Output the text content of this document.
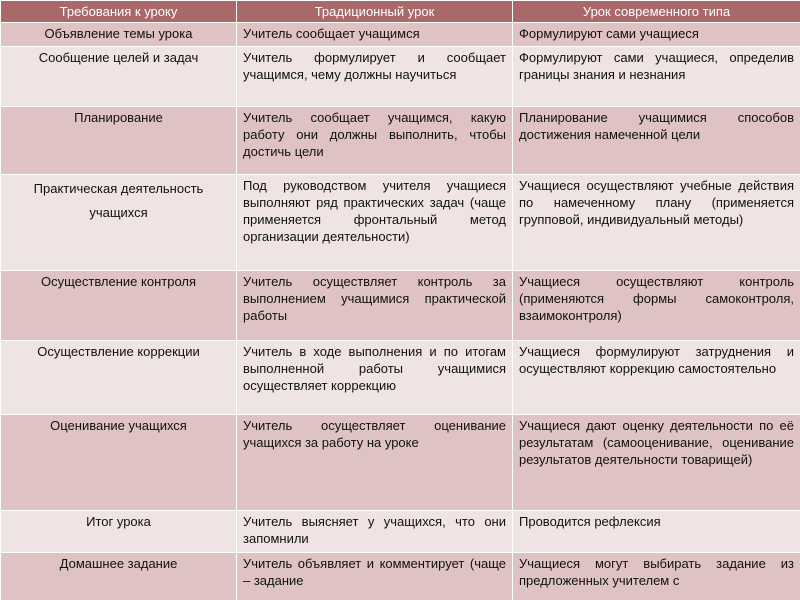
Требования к уроку	Традиционный урок	Урок современного типа
Объявление темы урока	Учитель сообщает учащимся	Формулируют сами учащиеся
Сообщение целей и задач	Учитель формулирует и сообщает учащимся, чему должны научиться	Формулируют сами учащиеся, определив границы знания и незнания
Планирование	Учитель сообщает учащимся, какую работу они должны выполнить, чтобы достичь цели	Планирование учащимися способов достижения намеченной цели
Практическая деятельность учащихся	Под руководством учителя учащиеся выполняют ряд практических задач (чаще применяется фронтальный метод организации деятельности)	Учащиеся осуществляют учебные действия по намеченному плану (применяется групповой, индивидуальный методы)
Осуществление контроля	Учитель осуществляет контроль за выполнением учащимися практической работы	Учащиеся осуществляют контроль (применяются формы самоконтроля, взаимоконтроля)
Осуществление коррекции	Учитель в ходе выполнения и по итогам выполненной работы учащимися осуществляет коррекцию	Учащиеся формулируют затруднения и осуществляют коррекцию самостоятельно
Оценивание учащихся	Учитель осуществляет оценивание учащихся за работу на уроке	Учащиеся дают оценку деятельности по её результатам (самооценивание, оценивание результатов деятельности товарищей)
Итог урока	Учитель выясняет у учащихся, что они запомнили	Проводится рефлексия
Домашнее задание	Учитель объявляет и комментирует (чаще – задание	Учащиеся могут выбирать задание из предложенных учителем с
